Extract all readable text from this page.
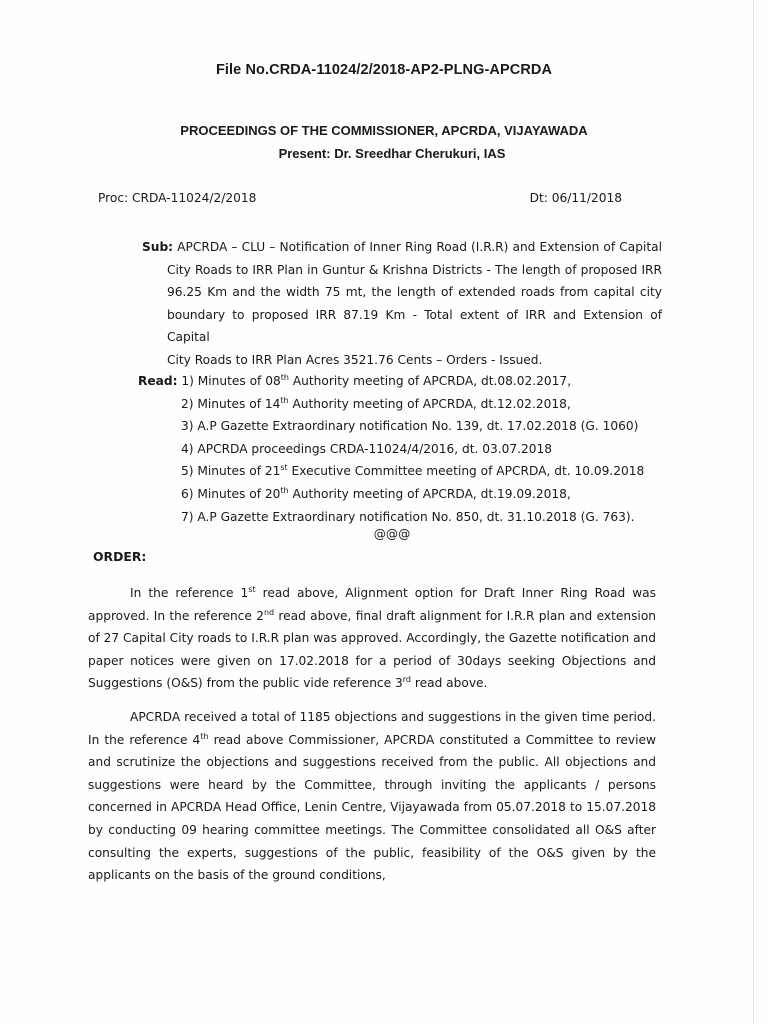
File No.CRDA-11024/2/2018-AP2-PLNG-APCRDA
PROCEEDINGS OF THE COMMISSIONER, APCRDA, VIJAYAWADA
Present: Dr. Sreedhar Cherukuri, IAS
Proc: CRDA-11024/2/2018	Dt: 06/11/2018
Sub: APCRDA – CLU – Notification of Inner Ring Road (I.R.R) and Extension of Capital
City Roads to IRR Plan in Guntur & Krishna Districts - The length of proposed IRR
96.25 Km and the width 75 mt, the length of extended roads from capital city
boundary to proposed IRR 87.19 Km - Total extent of IRR and Extension of Capital
City Roads to IRR Plan Acres 3521.76 Cents – Orders - Issued.
Read: 1) Minutes of 08th Authority meeting of APCRDA, dt.08.02.2017,
2) Minutes of 14th Authority meeting of APCRDA, dt.12.02.2018,
3) A.P Gazette Extraordinary notification No. 139, dt. 17.02.2018 (G. 1060)
4) APCRDA proceedings CRDA-11024/4/2016, dt. 03.07.2018
5) Minutes of 21st Executive Committee meeting of APCRDA, dt. 10.09.2018
6) Minutes of 20th Authority meeting of APCRDA, dt.19.09.2018,
7) A.P Gazette Extraordinary notification No. 850, dt. 31.10.2018 (G. 763).
@@@
ORDER:
In the reference 1st read above, Alignment option for Draft Inner Ring Road was approved. In the reference 2nd read above, final draft alignment for I.R.R plan and extension of 27 Capital City roads to I.R.R plan was approved. Accordingly, the Gazette notification and paper notices were given on 17.02.2018 for a period of 30days seeking Objections and Suggestions (O&S) from the public vide reference 3rd read above.
APCRDA received a total of 1185 objections and suggestions in the given time period. In the reference 4th read above Commissioner, APCRDA constituted a Committee to review and scrutinize the objections and suggestions received from the public. All objections and suggestions were heard by the Committee, through inviting the applicants / persons concerned in APCRDA Head Office, Lenin Centre, Vijayawada from 05.07.2018 to 15.07.2018 by conducting 09 hearing committee meetings. The Committee consolidated all O&S after consulting the experts, suggestions of the public, feasibility of the O&S given by the applicants on the basis of the ground conditions,
